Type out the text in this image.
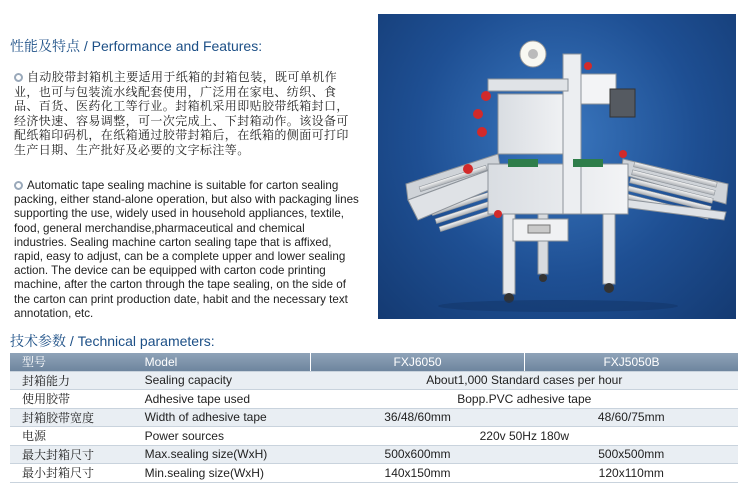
性能及特点 / Performance and Features:
自动胶带封箱机主要适用于纸箱的封箱包装，既可单机作业，也可与包装流水线配套使用，广泛用在家电、纺织、食品、百货、医药化工等行业。封箱机采用即贴胶带纸箱封口，经济快速、容易调整，可一次完成上、下封箱动作。该设备可配纸箱印码机，在纸箱通过胶带封箱后，在纸箱的侧面可打印生产日期、生产批好及必要的文字标注等。
Automatic tape sealing machine is suitable for carton sealing packing, either stand-alone operation, but also with packaging lines supporting the use, widely used in household appliances, textile, food, general merchandise,pharmaceutical and chemical industries. Sealing machine carton sealing tape that is affixed, rapid, easy to adjust, can be a complete upper and lower sealing action. The device can be equipped with carton code printing machine, after the carton through the tape sealing, on the side of the carton can print production date, habit and the necessary text annotation, etc.
技术参数 / Technical parameters:
型号	Model	FXJ6050	FXJ5050B
封箱能力	Sealing capacity	About1,000 Standard cases per hour	
使用胶带	Adhesive tape used	Bopp.PVC adhesive tape	
封箱胶带宽度	Width of adhesive tape	36/48/60mm	48/60/75mm
电源	Power sources	220v 50Hz 180w	
最大封箱尺寸	Max.sealing size(WxH)	500x600mm	500x500mm
最小封箱尺寸	Min.sealing size(WxH)	140x150mm	120x110mm
